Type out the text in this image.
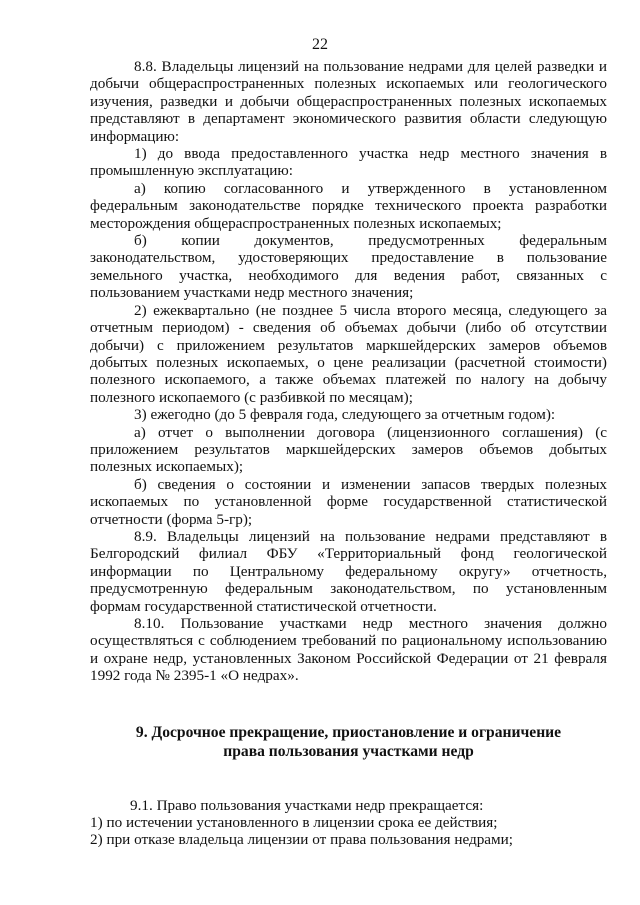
22

8.8. Владельцы лицензий на пользование недрами для целей разведки и добычи общераспространенных полезных ископаемых или геологического изучения, разведки и добычи общераспространенных полезных ископаемых представляют в департамент экономического развития области следующую информацию:

1) до ввода предоставленного участка недр местного значения в промышленную эксплуатацию:

а) копию согласованного и утвержденного в установленном федеральным законодательстве порядке технического проекта разработки месторождения общераспространенных полезных ископаемых;

б) копии документов, предусмотренных федеральным законодательством, удостоверяющих предоставление в пользование земельного участка, необходимого для ведения работ, связанных с пользованием участками недр местного значения;

2) ежеквартально (не позднее 5 числа второго месяца, следующего за отчетным периодом) - сведения об объемах добычи (либо об отсутствии добычи) с приложением результатов маркшейдерских замеров объемов добытых полезных ископаемых, о цене реализации (расчетной стоимости) полезного ископаемого, а также объемах платежей по налогу на добычу полезного ископаемого (с разбивкой по месяцам);

3) ежегодно (до 5 февраля года, следующего за отчетным годом):

а) отчет о выполнении договора (лицензионного соглашения) (с приложением результатов маркшейдерских замеров объемов добытых полезных ископаемых);

б) сведения о состоянии и изменении запасов твердых полезных ископаемых по установленной форме государственной статистической отчетности (форма 5-гр);

8.9. Владельцы лицензий на пользование недрами представляют в Белгородский филиал ФБУ «Территориальный фонд геологической информации по Центральному федеральному округу» отчетность, предусмотренную федеральным законодательством, по установленным формам государственной статистической отчетности.

8.10. Пользование участками недр местного значения должно осуществляться с соблюдением требований по рациональному использованию и охране недр, установленных Законом Российской Федерации от 21 февраля 1992 года № 2395-1 «О недрах».

9. Досрочное прекращение, приостановление и ограничение

права пользования участками недр

9.1. Право пользования участками недр прекращается:

1) по истечении установленного в лицензии срока ее действия;

2) при отказе владельца лицензии от права пользования недрами;
